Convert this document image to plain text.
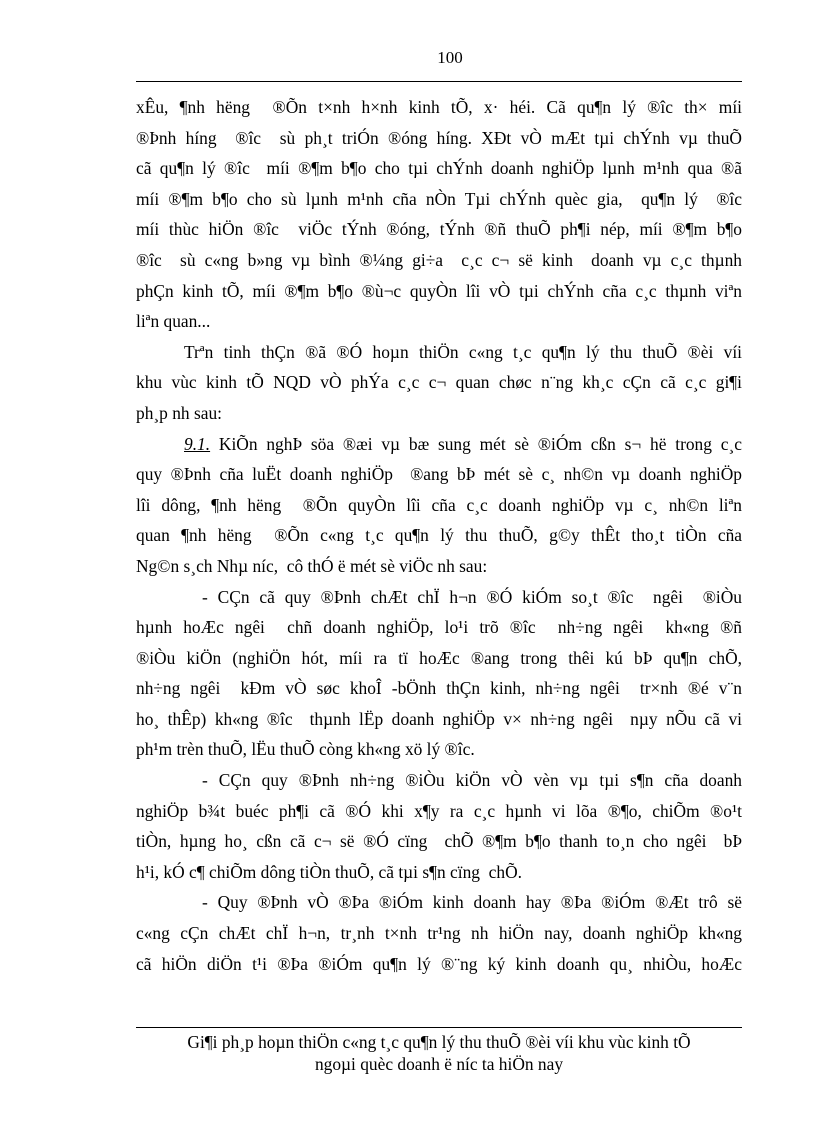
100
xÊu, ¶nh hëng  ®Õn t×nh h×nh kinh tÕ, x· héi. Cã qu¶n lý ®îc th× míi
®Þnh híng  ®îc  sù ph¸t triÓn ®óng híng. XÐt vÒ mÆt tµi chÝnh vµ thuÕ
cã qu¶n lý ®îc  míi ®¶m b¶o cho tµi chÝnh doanh nghiÖp lµnh m¹nh qua ®ã
míi ®¶m b¶o cho sù lµnh m¹nh cña nÒn Tµi chÝnh quèc gia,  qu¶n lý  ®îc
míi thùc hiÖn ®îc  viÖc tÝnh ®óng, tÝnh ®ñ thuÕ ph¶i nép, míi ®¶m b¶o
®îc  sù c«ng b»ng vµ bình ®¼ng gi÷a  c¸c c¬ së kinh  doanh vµ c¸c thµnh
phÇn kinh tÕ, míi ®¶m b¶o ®ù¬c quyÒn lîi vÒ tµi chÝnh cña c¸c thµnh viªn
liªn quan...
Trªn tinh thÇn ®ã ®Ó hoµn thiÖn c«ng t¸c qu¶n lý thu thuÕ ®èi víi
khu vùc kinh tÕ NQD vÒ phÝa c¸c c¬ quan chøc n¨ng kh¸c cÇn cã c¸c gi¶i
ph¸p nh sau:
9.1. KiÕn nghÞ söa ®æi vµ bæ sung mét sè ®iÓm cßn s¬ hë trong c¸c
quy ®Þnh cña luËt doanh nghiÖp  ®ang bÞ mét sè c¸ nh©n vµ doanh nghiÖp
lîi dông, ¶nh hëng  ®Õn quyÒn lîi cña c¸c doanh nghiÖp vµ c¸ nh©n liªn
quan ¶nh hëng  ®Õn c«ng t¸c qu¶n lý thu thuÕ, g©y thÊt tho¸t tiÒn cña
Ng©n s¸ch Nhµ níc,  cô thÓ ë mét sè viÖc nh sau:
- CÇn cã quy ®Þnh chÆt chÏ h¬n ®Ó kiÓm so¸t ®îc  ngêi  ®iÒu
hµnh hoÆc ngêi  chñ doanh nghiÖp, lo¹i trõ ®îc  nh÷ng ngêi  kh«ng ®ñ
®iÒu kiÖn (nghiÖn hót, míi ra tï hoÆc ®ang trong thêi kú bÞ qu¶n chÕ,
nh÷ng ngêi  kÐm vÒ søc khoÎ -bÖnh thÇn kinh, nh÷ng ngêi  tr×nh ®é v¨n
ho¸ thÊp) kh«ng ®îc  thµnh lËp doanh nghiÖp v× nh÷ng ngêi  nµy nÕu cã vi
ph¹m trèn thuÕ, lËu thuÕ còng kh«ng xö lý ®îc.
- CÇn quy ®Þnh nh÷ng ®iÒu kiÖn vÒ vèn vµ tµi s¶n cña doanh
nghiÖp b¾t buéc ph¶i cã ®Ó khi x¶y ra c¸c hµnh vi lõa ®¶o, chiÕm ®o¹t
tiÒn, hµng ho¸ cßn cã c¬ së ®Ó cïng  chÕ ®¶m b¶o thanh to¸n cho ngêi  bÞ
h¹i, kÓ c¶ chiÕm dông tiÒn thuÕ, cã tµi s¶n cïng  chÕ.
- Quy ®Þnh vÒ ®Þa ®iÓm kinh doanh hay ®Þa ®iÓm ®Æt trô së
c«ng cÇn chÆt chÏ h¬n, tr¸nh t×nh tr¹ng nh hiÖn nay, doanh nghiÖp kh«ng
cã hiÖn diÖn t¹i ®Þa ®iÓm qu¶n lý ®¨ng ký kinh doanh qu¸ nhiÒu, hoÆc
Gi¶i ph¸p hoµn thiÖn c«ng t¸c qu¶n lý thu thuÕ ®èi víi khu vùc kinh tÕ
ngoµi quèc doanh ë níc ta hiÖn nay
